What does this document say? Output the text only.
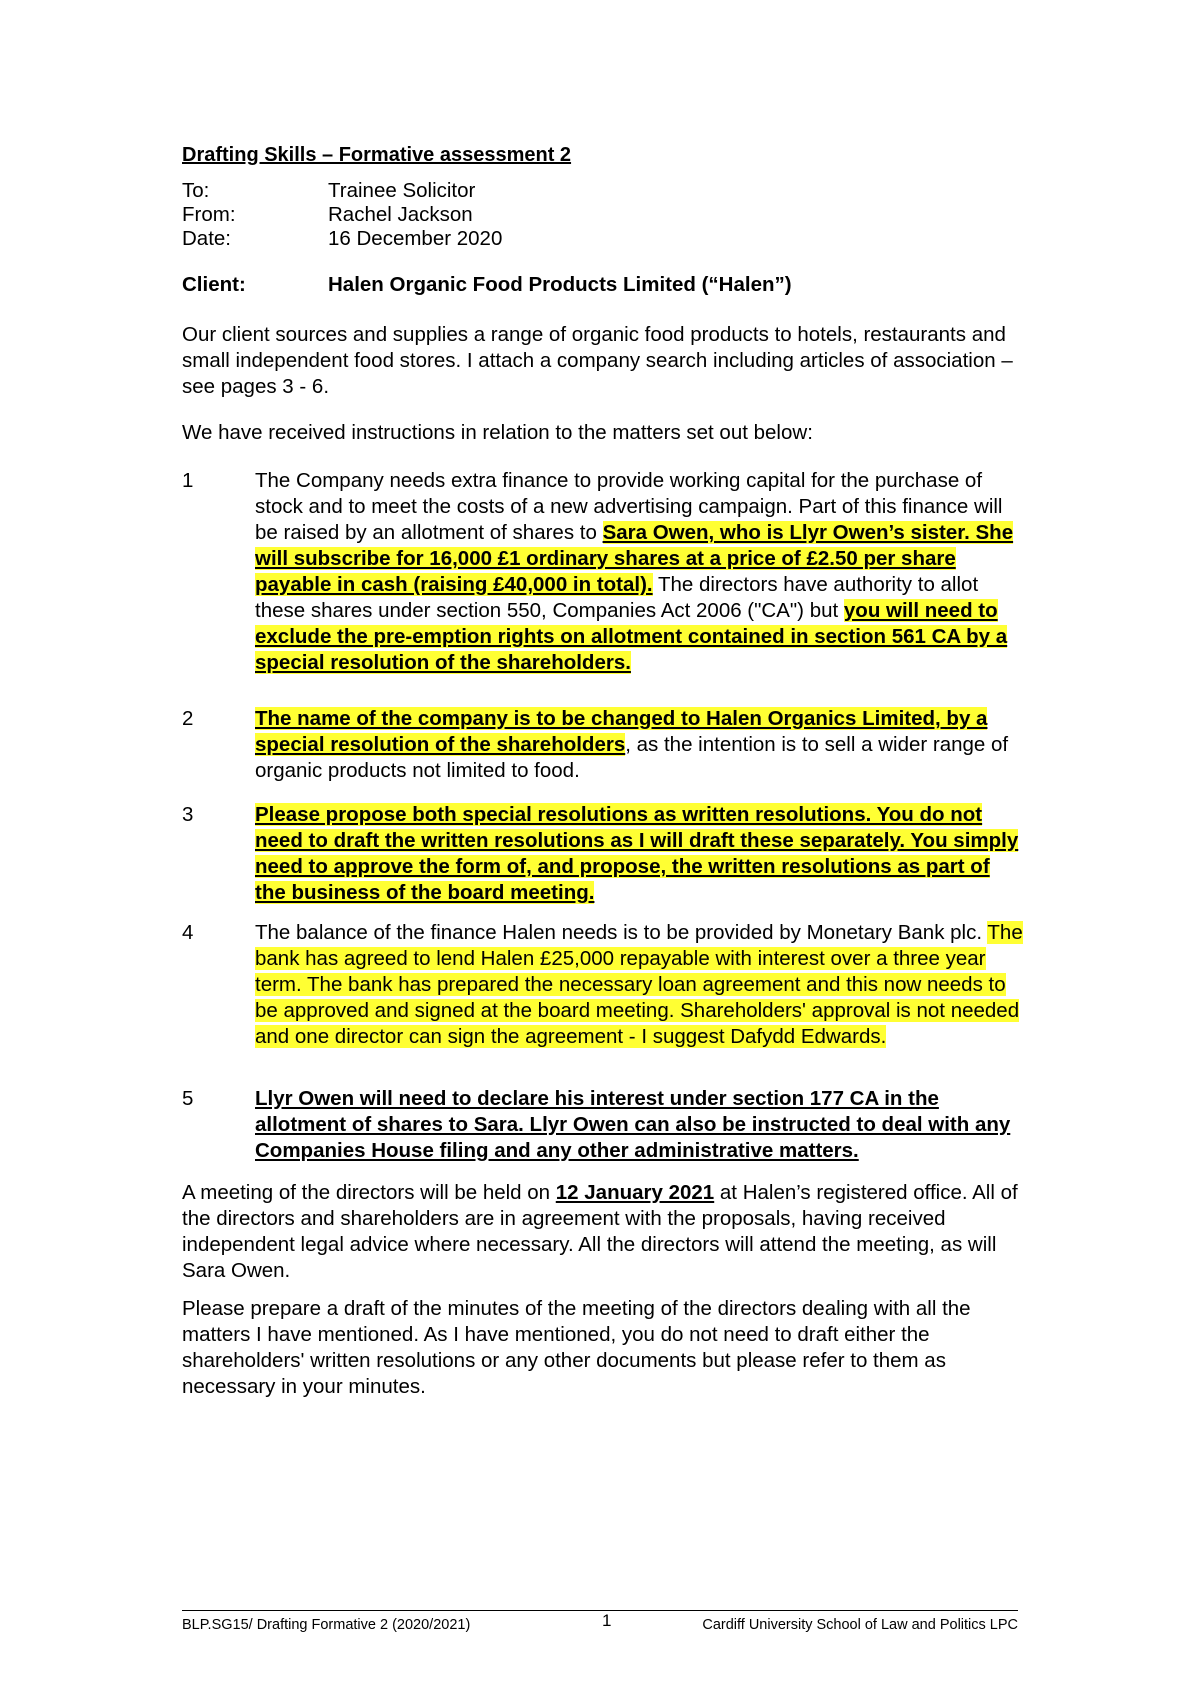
Drafting Skills – Formative assessment 2
To:	Trainee Solicitor
From:	Rachel Jackson
Date:	16 December 2020
Client:	Halen Organic Food Products Limited (“Halen”)

Our client sources and supplies a range of organic food products to hotels, restaurants and small independent food stores. I attach a company search including articles of association – see pages 3 - 6.

We have received instructions in relation to the matters set out below:

1	The Company needs extra finance to provide working capital for the purchase of stock and to meet the costs of a new advertising campaign. Part of this finance will be raised by an allotment of shares to Sara Owen, who is Llyr Owen’s sister. She will subscribe for 16,000 £1 ordinary shares at a price of £2.50 per share payable in cash (raising £40,000 in total). The directors have authority to allot these shares under section 550, Companies Act 2006 ("CA") but you will need to exclude the pre-emption rights on allotment contained in section 561 CA by a special resolution of the shareholders.
2	The name of the company is to be changed to Halen Organics Limited, by a special resolution of the shareholders, as the intention is to sell a wider range of organic products not limited to food.
3	Please propose both special resolutions as written resolutions. You do not need to draft the written resolutions as I will draft these separately. You simply need to approve the form of, and propose, the written resolutions as part of the business of the board meeting.
4	The balance of the finance Halen needs is to be provided by Monetary Bank plc. The bank has agreed to lend Halen £25,000 repayable with interest over a three year term. The bank has prepared the necessary loan agreement and this now needs to be approved and signed at the board meeting. Shareholders' approval is not needed and one director can sign the agreement - I suggest Dafydd Edwards.
5	Llyr Owen will need to declare his interest under section 177 CA in the allotment of shares to Sara. Llyr Owen can also be instructed to deal with any Companies House filing and any other administrative matters.

A meeting of the directors will be held on 12 January 2021 at Halen’s registered office. All of the directors and shareholders are in agreement with the proposals, having received independent legal advice where necessary. All the directors will attend the meeting, as will Sara Owen.

Please prepare a draft of the minutes of the meeting of the directors dealing with all the matters I have mentioned. As I have mentioned, you do not need to draft either the shareholders' written resolutions or any other documents but please refer to them as necessary in your minutes.

BLP.SG15/ Drafting Formative 2 (2020/2021)	1	Cardiff University School of Law and Politics LPC
